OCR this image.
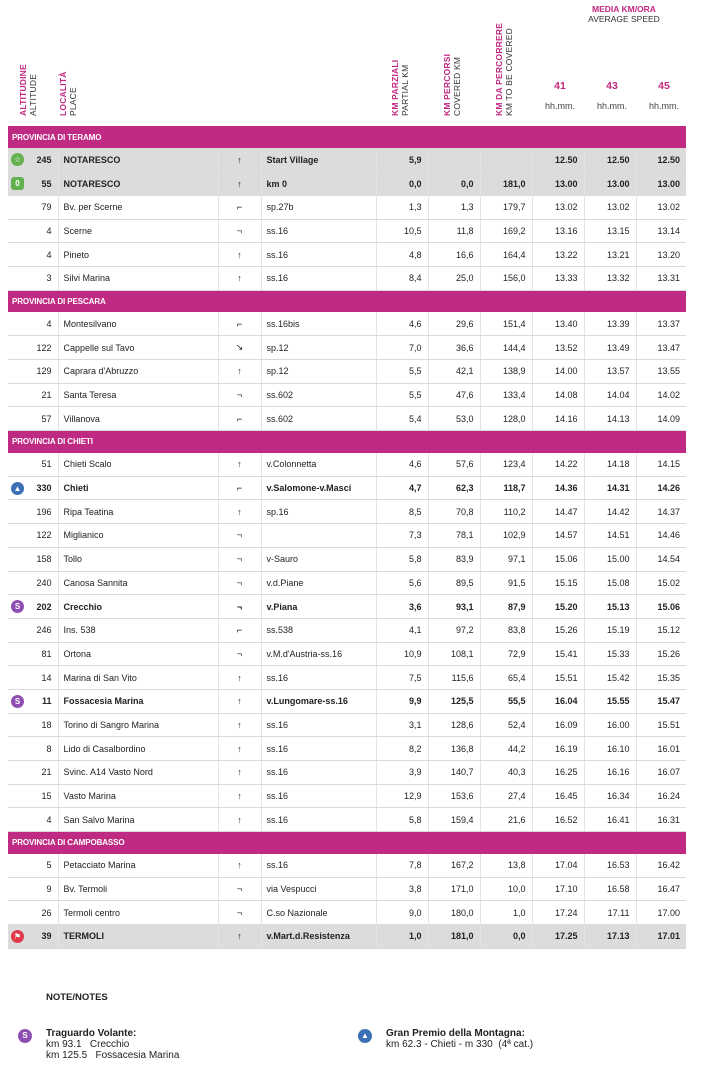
ALTITUDINE ALTITUDE LOCALITÀ PLACE	KM PARZIALI PARTIAL KM	KM PERCORSI COVERED KM	KM DA PERCORRERE KM TO BE COVERED
MEDIA KM/ORA
AVERAGE SPEED
41	43	45
hh.mm.	hh.mm.	hh.mm.
PROVINCIA DI TERAMO										
☆	245	NOTARESCO	↑	Start Village	5,9			12.50	12.50	12.50
0	55	NOTARESCO	↑	km 0	0,0	0,0	181,0	13.00	13.00	13.00
	79	Bv. per Scerne	⌐	sp.27b	1,3	1,3	179,7	13.02	13.02	13.02
	4	Scerne	¬	ss.16	10,5	11,8	169,2	13.16	13.15	13.14
	4	Pineto	↑	ss.16	4,8	16,6	164,4	13.22	13.21	13.20
	3	Silvi Marina	↑	ss.16	8,4	25,0	156,0	13.33	13.32	13.31
PROVINCIA DI PESCARA										
	4	Montesilvano	⌐	ss.16bis	4,6	29,6	151,4	13.40	13.39	13.37
	122	Cappelle sul Tavo	↘	sp.12	7,0	36,6	144,4	13.52	13.49	13.47
	129	Caprara d'Abruzzo	↑	sp.12	5,5	42,1	138,9	14.00	13.57	13.55
	21	Santa Teresa	¬	ss.602	5,5	47,6	133,4	14.08	14.04	14.02
	57	Villanova	⌐	ss.602	5,4	53,0	128,0	14.16	14.13	14.09
PROVINCIA DI CHIETI										
	51	Chieti Scalo	↑	v.Colonnetta	4,6	57,6	123,4	14.22	14.18	14.15
▲	330	Chieti	⌐	v.Salomone-v.Masci	4,7	62,3	118,7	14.36	14.31	14.26
	196	Ripa Teatina	↑	sp.16	8,5	70,8	110,2	14.47	14.42	14.37
	122	Miglianico	¬		7,3	78,1	102,9	14.57	14.51	14.46
	158	Tollo	¬	v-Sauro	5,8	83,9	97,1	15.06	15.00	14.54
	240	Canosa Sannita	¬	v.d.Piane	5,6	89,5	91,5	15.15	15.08	15.02
S	202	Crecchio	¬	v.Piana	3,6	93,1	87,9	15.20	15.13	15.06
	246	Ins. 538	⌐	ss.538	4,1	97,2	83,8	15.26	15.19	15.12
	81	Ortona	¬	v.M.d'Austria-ss.16	10,9	108,1	72,9	15.41	15.33	15.26
	14	Marina di San Vito	↑	ss.16	7,5	115,6	65,4	15.51	15.42	15.35
S	11	Fossacesia Marina	↑	v.Lungomare-ss.16	9,9	125,5	55,5	16.04	15.55	15.47
	18	Torino di Sangro Marina	↑	ss.16	3,1	128,6	52,4	16.09	16.00	15.51
	8	Lido di Casalbordino	↑	ss.16	8,2	136,8	44,2	16.19	16.10	16.01
	21	Svinc. A14 Vasto Nord	↑	ss.16	3,9	140,7	40,3	16.25	16.16	16.07
	15	Vasto Marina	↑	ss.16	12,9	153,6	27,4	16.45	16.34	16.24
	4	San Salvo Marina	↑	ss.16	5,8	159,4	21,6	16.52	16.41	16.31
PROVINCIA DI CAMPOBASSO										
	5	Petacciato Marina	↑	ss.16	7,8	167,2	13,8	17.04	16.53	16.42
	9	Bv. Termoli	¬	via Vespucci	3,8	171,0	10,0	17.10	16.58	16.47
	26	Termoli centro	¬	C.so Nazionale	9,0	180,0	1,0	17.24	17.11	17.00
⚑	39	TERMOLI	↑	v.Mart.d.Resistenza	1,0	181,0	0,0	17.25	17.13	17.01
NOTE/NOTES
S	Traguardo Volante:
km 93.1   Crecchio
km 125.5   Fossacesia Marina
▲	Gran Premio della Montagna:
km 62.3 - Chieti - m 330  (4ª cat.)
